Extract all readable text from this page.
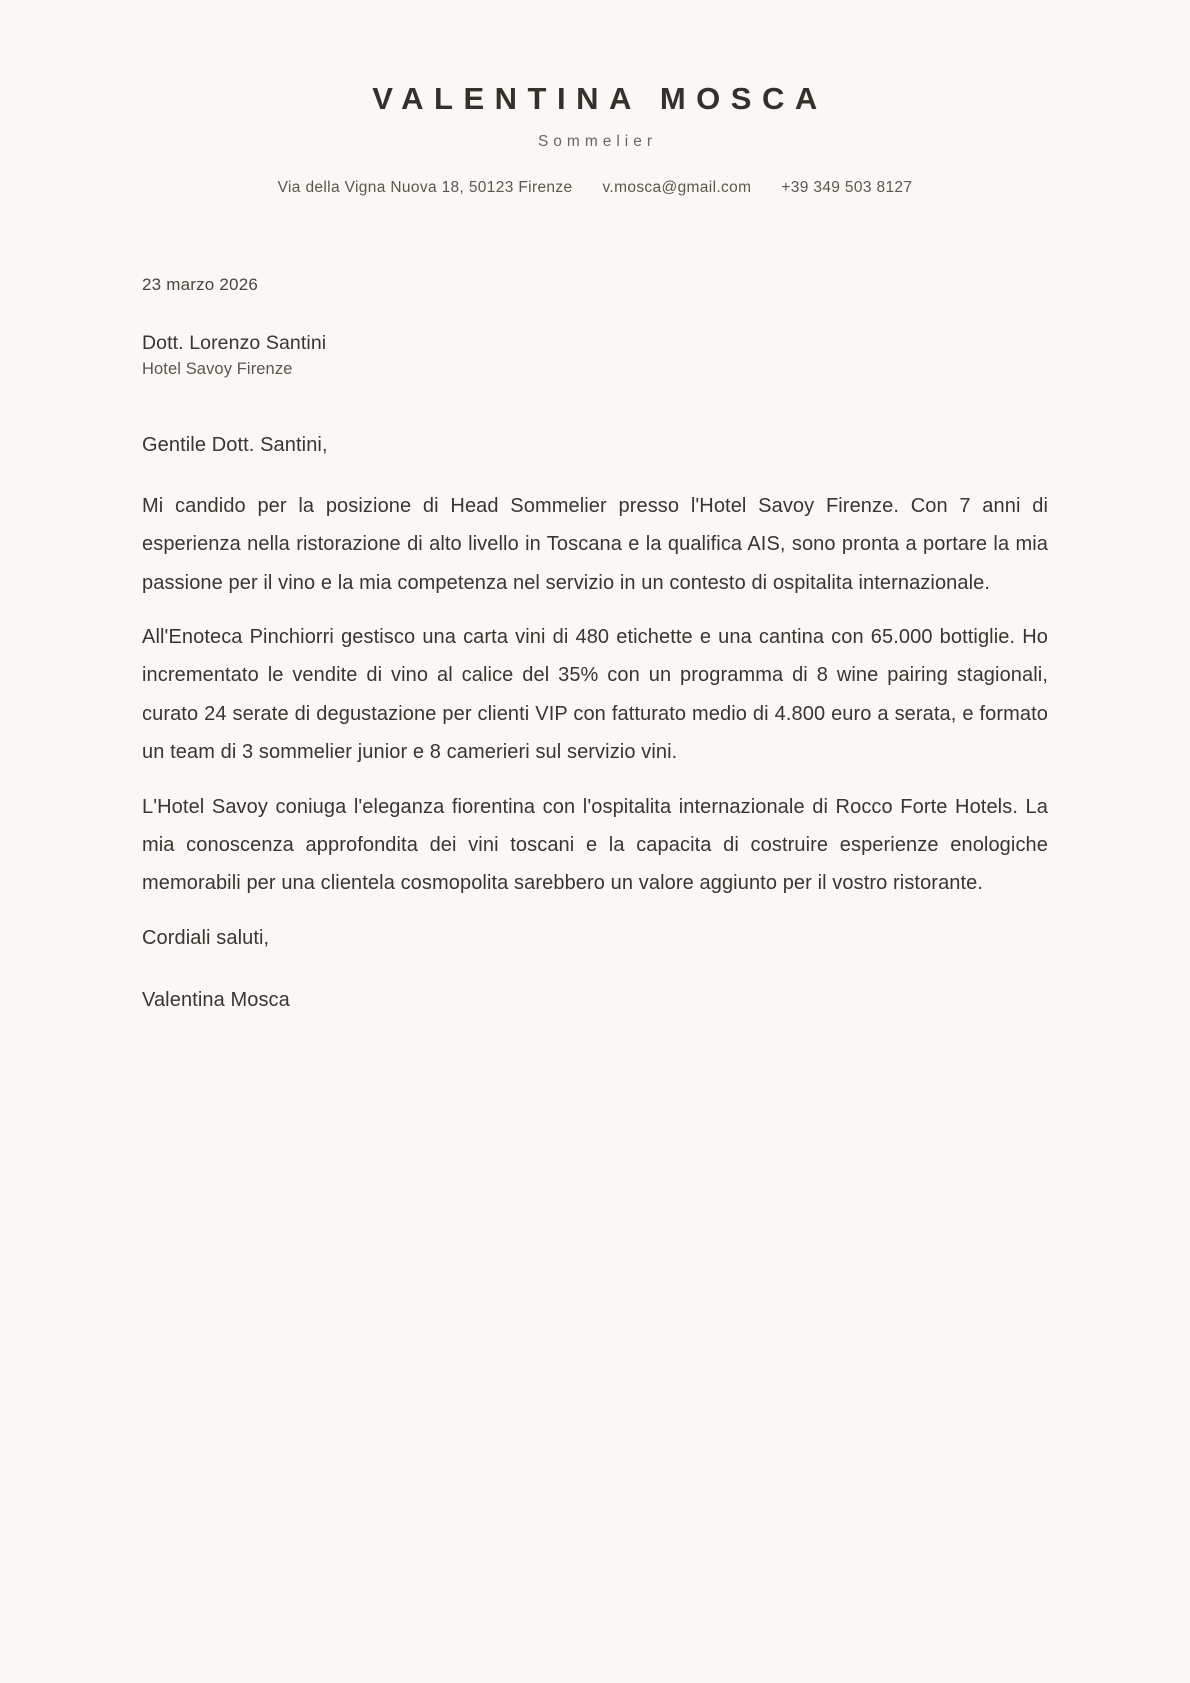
VALENTINA MOSCA
Sommelier
Via della Vigna Nuova 18, 50123 Firenze v.mosca@gmail.com +39 349 503 8127
23 marzo 2026
Dott. Lorenzo Santini
Hotel Savoy Firenze
Gentile Dott. Santini,

Mi candido per la posizione di Head Sommelier presso l'Hotel Savoy Firenze. Con 7 anni di esperienza nella ristorazione di alto livello in Toscana e la qualifica AIS, sono pronta a portare la mia passione per il vino e la mia competenza nel servizio in un contesto di ospitalita internazionale.

All'Enoteca Pinchiorri gestisco una carta vini di 480 etichette e una cantina con 65.000 bottiglie. Ho incrementato le vendite di vino al calice del 35% con un programma di 8 wine pairing stagionali, curato 24 serate di degustazione per clienti VIP con fatturato medio di 4.800 euro a serata, e formato un team di 3 sommelier junior e 8 camerieri sul servizio vini.

L'Hotel Savoy coniuga l'eleganza fiorentina con l'ospitalita internazionale di Rocco Forte Hotels. La mia conoscenza approfondita dei vini toscani e la capacita di costruire esperienze enologiche memorabili per una clientela cosmopolita sarebbero un valore aggiunto per il vostro ristorante.

Cordiali saluti,
Valentina Mosca
